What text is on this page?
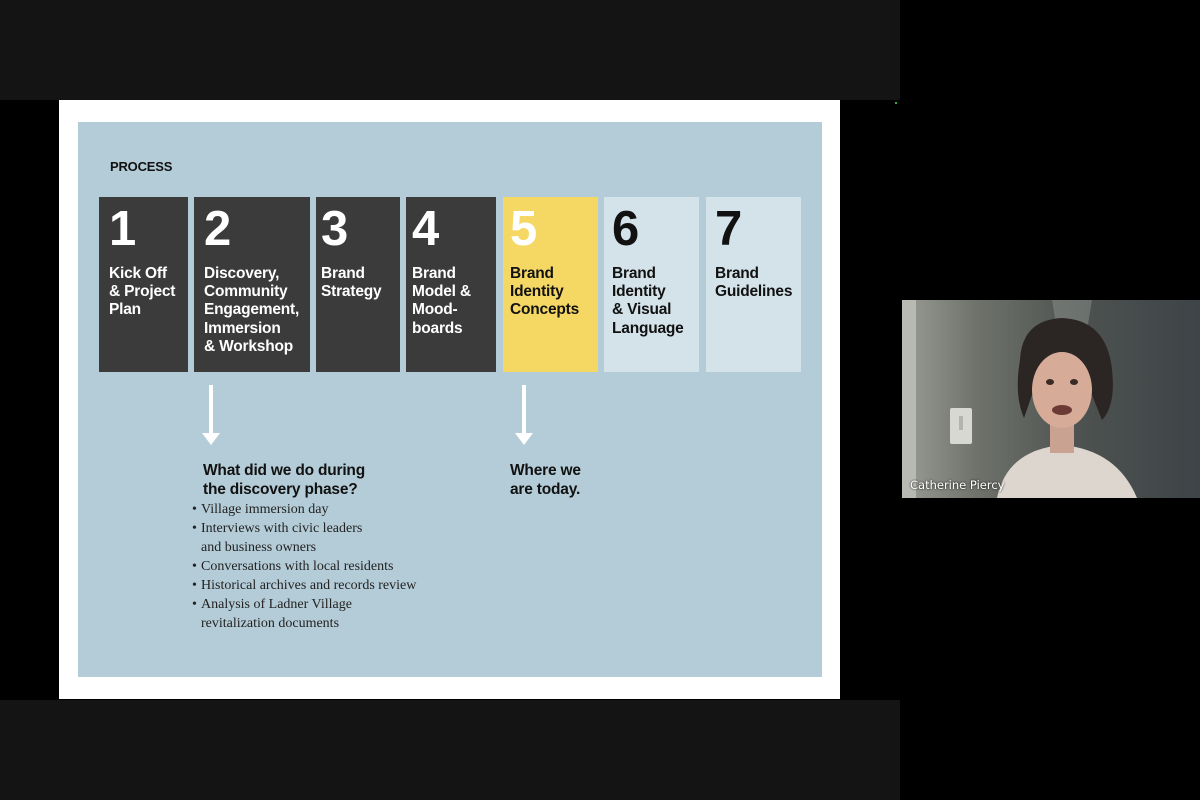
PROCESS
1
Kick Off
& Project
Plan
2
Discovery,
Community
Engagement,
Immersion
& Workshop
3
Brand
Strategy
4
Brand
Model &
Mood-
boards
5
Brand
Identity
Concepts
6
Brand
Identity
& Visual
Language
7
Brand
Guidelines
What did we do during
the discovery phase?
• Village immersion day
• Interviews with civic leaders
and business owners
• Conversations with local residents
• Historical archives and records review
• Analysis of Ladner Village
revitalization documents
Where we
are today.	Catherine Piercy
